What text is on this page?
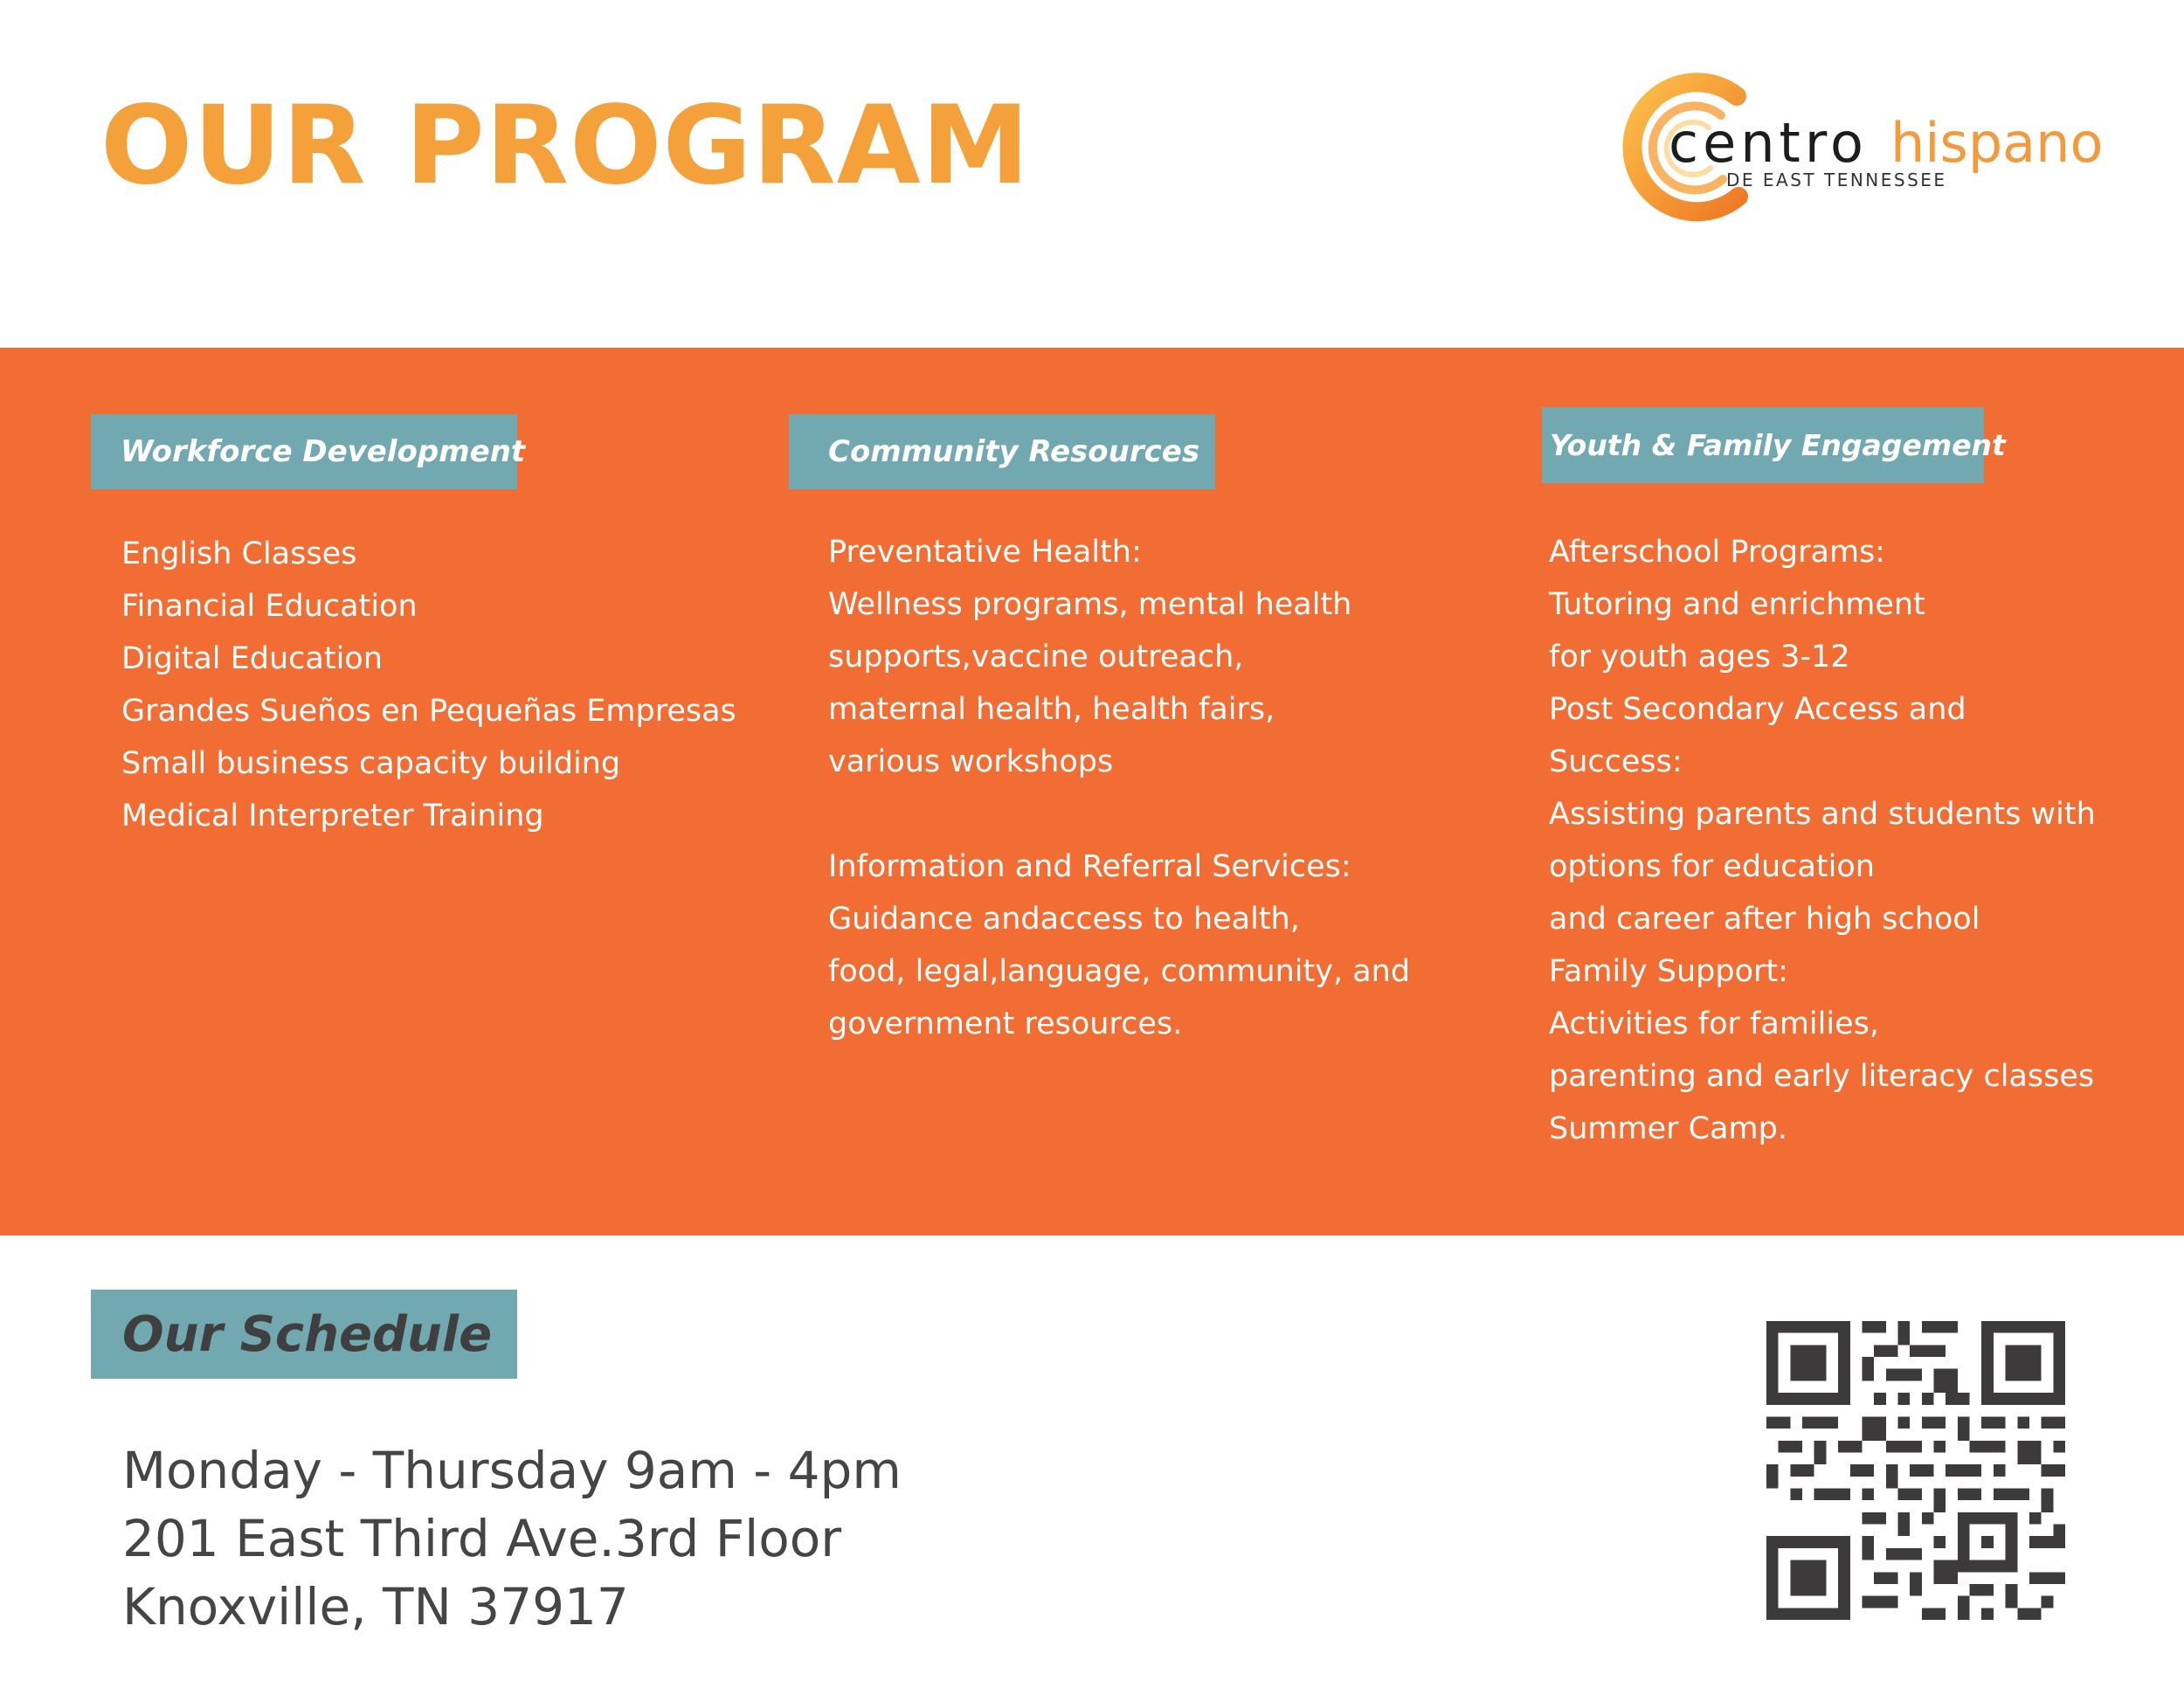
OUR PROGRAM	centro hispano
DE EAST TENNESSEE
Workforce Development
English Classes
Financial Education
Digital Education
Grandes Sueños en Pequeñas Empresas
Small business capacity building
Medical Interpreter Training
Community Resources
Preventative Health:
Wellness programs, mental health
supports,vaccine outreach,
maternal health, health fairs,
various workshops
Information and Referral Services:
Guidance andaccess to health,
food, legal,language, community, and
government resources.
Youth & Family Engagement
Afterschool Programs:
Tutoring and enrichment
for youth ages 3-12
Post Secondary Access and
Success:
Assisting parents and students with
options for education
and career after high school
Family Support:
Activities for families,
parenting and early literacy classes
Summer Camp.
Our Schedule
Monday - Thursday 9am - 4pm
201 East Third Ave.3rd Floor
Knoxville, TN 37917
